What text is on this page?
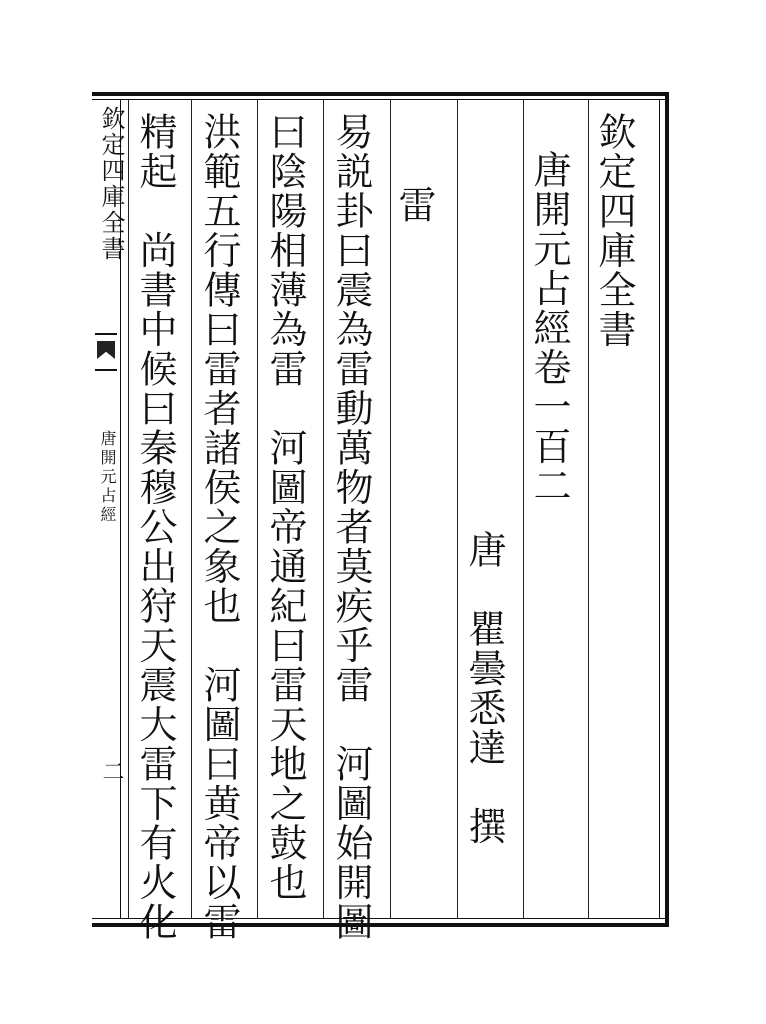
欽定四庫全書
唐開元占經
二
欽定四庫全書
唐開元占經卷一百二
唐　瞿曇悉達　撰
雷
易説卦曰震為雷動萬物者莫疾乎雷　河圖始開圖
曰陰陽相薄為雷　河圖帝通紀曰雷天地之鼓也
洪範五行傳曰雷者諸侯之象也　河圖曰黄帝以雷
精起　尚書中候曰秦穆公出狩天震大雷下有火化
